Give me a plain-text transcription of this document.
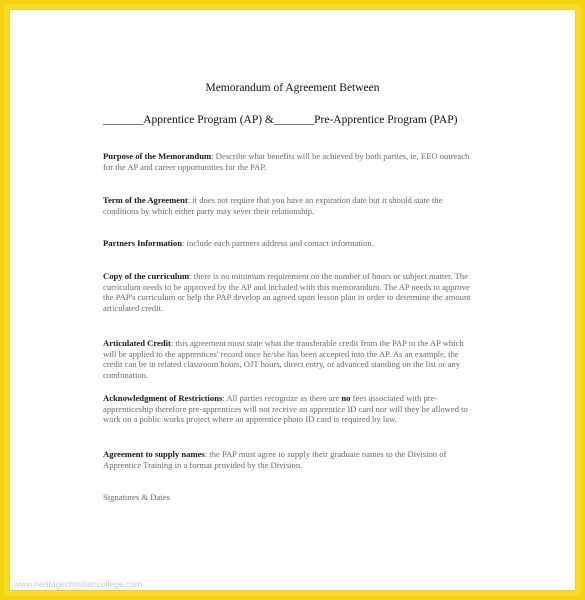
Memorandum of Agreement Between
_______Apprentice Program (AP) &_______Pre-Apprentice Program (PAP)
Purpose of the Memorandum: Describe what benefits will be achieved by both parties, ie, EEO outreach for the AP and career opportunities for the PAP.
Term of the Agreement: it does not require that you have an expiration date but it should state the conditions by which either party may sever their relationship.
Partners Information: include each partners address and contact information.
Copy of the curriculum: there is no minimum requirement on the number of hours or subject matter. The curriculum needs to be approved by the AP and included with this memorandum. The AP needs to approve the PAP's curriculum or help the PAP develop an agreed upon lesson plan in order to determine the amount articulated credit.
Articulated Credit: this agreement must state what the transferable credit from the PAP to the AP which will be applied to the apprentices' record once he/she has been accepted into the AP. As an example, the credit can be in related classroom hours, OJT hours, direct entry, or advanced standing on the list or any combination.
Acknowledgment of Restrictions: All parties recognize as there are no fees associated with pre-apprenticeship therefore pre-apprentices will not receive an apprentice ID card nor will they be allowed to work on a public works project where an apprentice photo ID card is required by law.
Agreement to supply names: the PAP must agree to supply their graduate names to the Division of Apprentice Training in a format provided by the Division.
Signatures & Dates
www.heritagechristiancollege.com
